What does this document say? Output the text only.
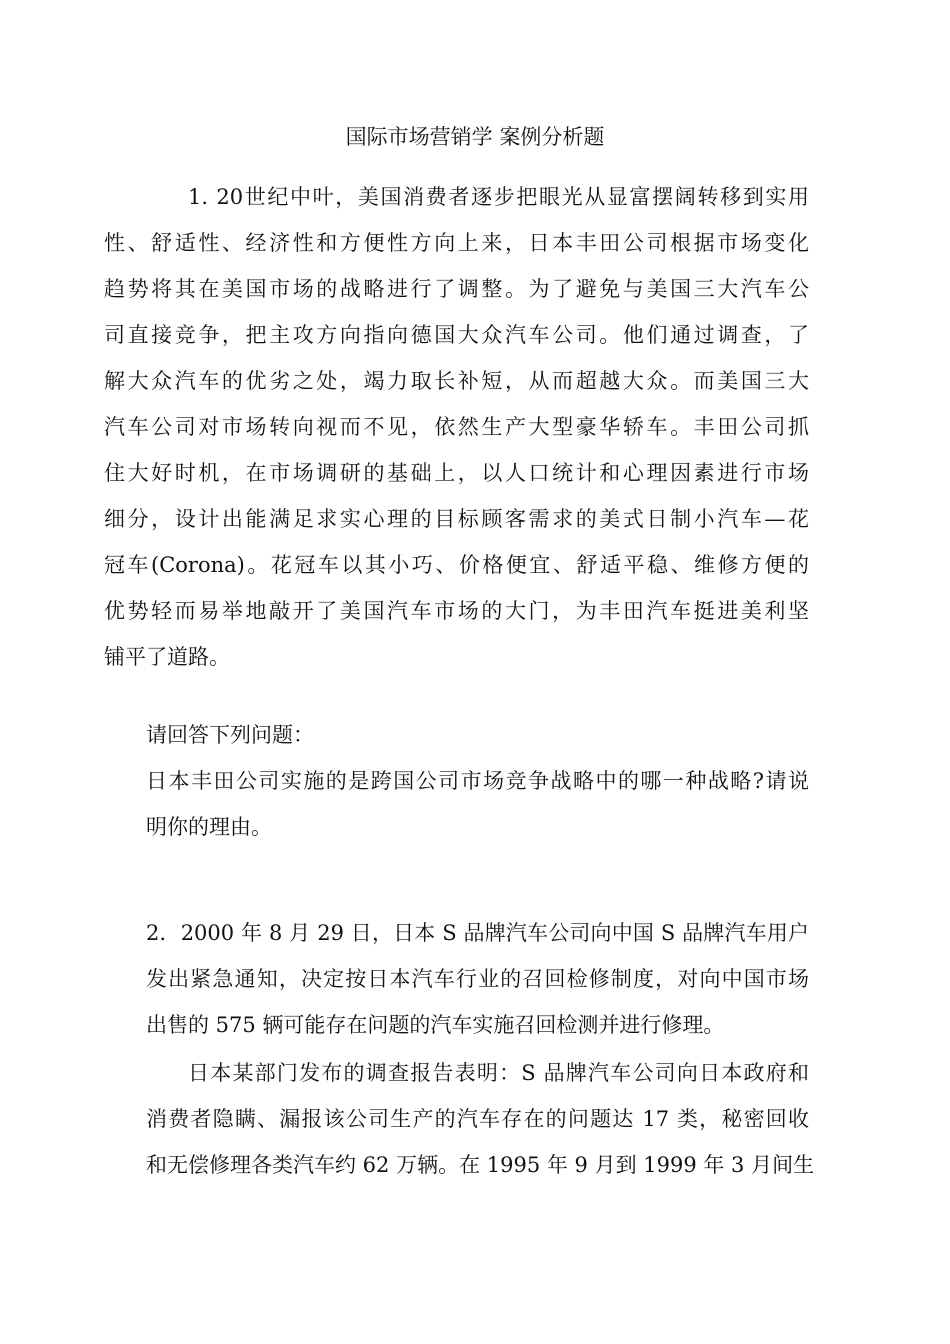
国际市场营销学 案例分析题
1. 20世纪中叶，美国消费者逐步把眼光从显富摆阔转移到实用
性、舒适性、经济性和方便性方向上来，日本丰田公司根据市场变化
趋势将其在美国市场的战略进行了调整。为了避免与美国三大汽车公
司直接竞争，把主攻方向指向德国大众汽车公司。他们通过调查，了
解大众汽车的优劣之处，竭力取长补短，从而超越大众。而美国三大
汽车公司对市场转向视而不见，依然生产大型豪华轿车。丰田公司抓
住大好时机，在市场调研的基础上，以人口统计和心理因素进行市场
细分，设计出能满足求实心理的目标顾客需求的美式日制小汽车—花
冠车(Corona)。花冠车以其小巧、价格便宜、舒适平稳、维修方便的
优势轻而易举地敲开了美国汽车市场的大门，为丰田汽车挺进美利坚
铺平了道路。
请回答下列问题：
日本丰田公司实施的是跨国公司市场竞争战略中的哪一种战略?请说
明你的理由。
2．2000 年 8 月 29 日，日本 S 品牌汽车公司向中国 S 品牌汽车用户
发出紧急通知，决定按日本汽车行业的召回检修制度，对向中国市场
出售的 575 辆可能存在问题的汽车实施召回检测并进行修理。
日本某部门发布的调查报告表明：S 品牌汽车公司向日本政府和
消费者隐瞒、漏报该公司生产的汽车存在的问题达 17 类，秘密回收
和无偿修理各类汽车约 62 万辆。在 1995 年 9 月到 1999 年 3 月间生
